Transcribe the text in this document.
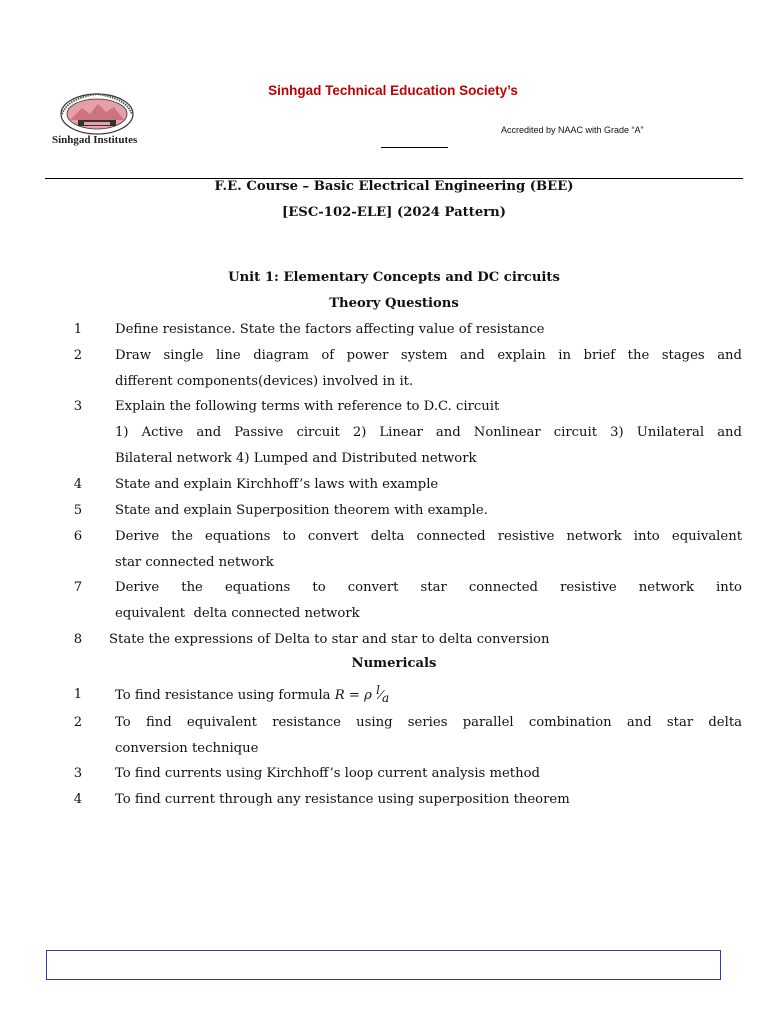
Sinhgad Institutes
Sinhgad Technical Education Society’s
Accredited by NAAC with Grade “A”
F.E. Course – Basic Electrical Engineering (BEE)
[ESC-102-ELE] (2024 Pattern)
Unit 1: Elementary Concepts and DC circuits
Theory Questions
1	Define resistance. State the factors affecting value of resistance
2	Draw single line diagram of power system and explain in brief the stages and
different components(devices) involved in it.
3	Explain the following terms with reference to D.C. circuit
1) Active and Passive circuit 2) Linear and Nonlinear circuit 3) Unilateral and
Bilateral network 4) Lumped and Distributed network
4	State and explain Kirchhoff’s laws with example
5	State and explain Superposition theorem with example.
6	Derive the equations to convert delta connected resistive network into equivalent
star connected network
7	Derive the equations to convert star connected resistive network into
equivalent  delta connected network
8	State the expressions of Delta to star and star to delta conversion
Numericals
1	To find resistance using formula R = ρ l⁄a
2	To find equivalent resistance using series parallel combination and star delta
conversion technique
3	To find currents using Kirchhoff’s loop current analysis method
4	To find current through any resistance using superposition theorem
